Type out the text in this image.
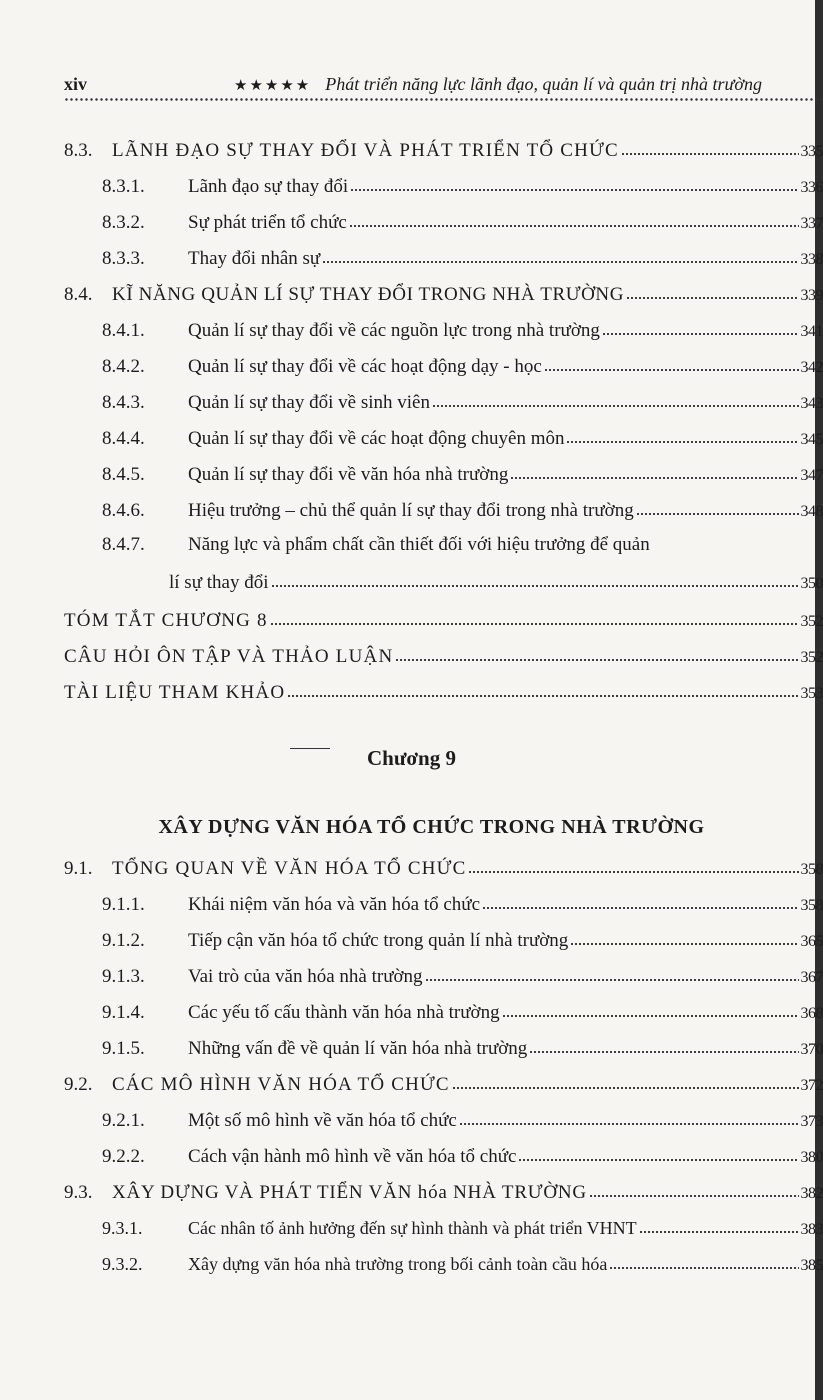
xiv	★★★★★ Phát triển năng lực lãnh đạo, quản lí và quản trị nhà trường
8.3.	LÃNH ĐẠO SỰ THAY ĐỔI VÀ PHÁT TRIỂN TỔ CHỨC	335
8.3.1.	Lãnh đạo sự thay đổi	336
8.3.2.	Sự phát triển tổ chức	337
8.3.3.	Thay đổi nhân sự	338
8.4.	KĨ NĂNG QUẢN LÍ SỰ THAY ĐỔI TRONG NHÀ TRƯỜNG	339
8.4.1.	Quản lí sự thay đổi về các nguồn lực trong nhà trường	341
8.4.2.	Quản lí sự thay đổi về các hoạt động dạy - học	342
8.4.3.	Quản lí sự thay đổi về sinh viên	343
8.4.4.	Quản lí sự thay đổi về các hoạt động chuyên môn	345
8.4.5.	Quản lí sự thay đổi về văn hóa nhà trường	347
8.4.6.	Hiệu trưởng – chủ thể quản lí sự thay đổi trong nhà trường	348
8.4.7.	Năng lực và phẩm chất cần thiết đối với hiệu trưởng để quản
lí sự thay đổi	350
TÓM TẮT CHƯƠNG 8	352
CÂU HỎI ÔN TẬP VÀ THẢO LUẬN	352
TÀI LIỆU THAM KHẢO	353
Chương 9
XÂY DỰNG VĂN HÓA TỔ CHỨC TRONG NHÀ TRƯỜNG
9.1.	TỔNG QUAN VỀ VĂN HÓA TỔ CHỨC	358
9.1.1.	Khái niệm văn hóa và văn hóa tổ chức	358
9.1.2.	Tiếp cận văn hóa tổ chức trong quản lí nhà trường	365
9.1.3.	Vai trò của văn hóa nhà trường	367
9.1.4.	Các yếu tố cấu thành văn hóa nhà trường	368
9.1.5.	Những vấn đề về quản lí văn hóa nhà trường	370
9.2.	CÁC MÔ HÌNH VĂN HÓA TỔ CHỨC	372
9.2.1.	Một số mô hình về văn hóa tổ chức	373
9.2.2.	Cách vận hành mô hình về văn hóa tổ chức	380
9.3.	XÂY DỰNG VÀ PHÁT TIỂN VĂN hóa NHÀ TRƯỜNG	382
9.3.1.	Các nhân tố ảnh hưởng đến sự hình thành và phát triển VHNT	383
9.3.2.	Xây dựng văn hóa nhà trường trong bối cảnh toàn cầu hóa	385
